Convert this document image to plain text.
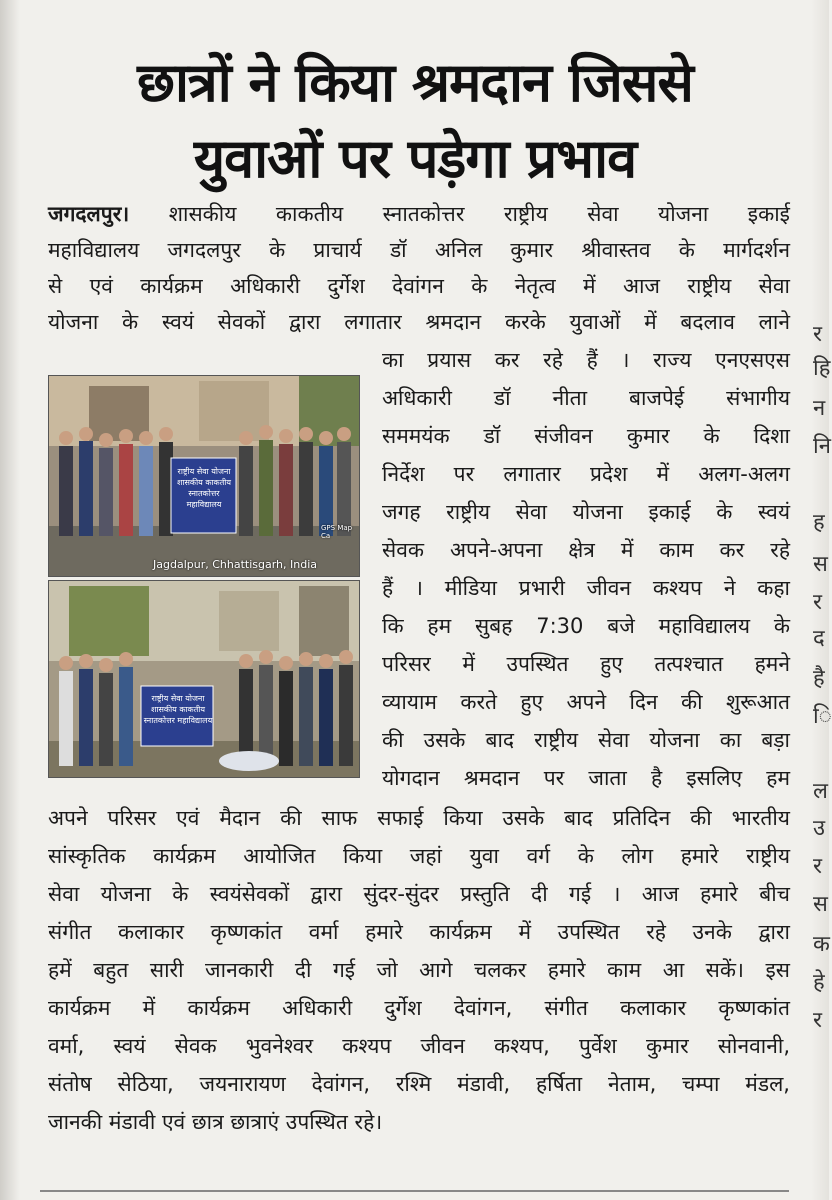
र
हि
न
नि
ह
स
र
द
है
ि
ल
उ
र
स
क
हे
र
छात्रों ने किया श्रमदान जिससे
युवाओं पर पड़ेगा प्रभाव
जगदलपुर। शासकीय काकतीय स्नातकोत्तर राष्ट्रीय सेवा योजना इकाई
महाविद्यालय जगदलपुर के प्राचार्य डॉ अनिल कुमार श्रीवास्तव के मार्गदर्शन
से एवं कार्यक्रम अधिकारी दुर्गेश देवांगन के नेतृत्व में आज राष्ट्रीय सेवा
योजना के स्वयं सेवकों द्वारा लगातार श्रमदान करके युवाओं में बदलाव लाने
का प्रयास कर रहे हैं । राज्य एनएसएस
अधिकारी डॉ नीता बाजपेई संभागीय
सममयंक डॉ संजीवन कुमार के दिशा
निर्देश पर लगातार प्रदेश में अलग-अलग
जगह राष्ट्रीय सेवा योजना इकाई के स्वयं
सेवक अपने-अपना क्षेत्र में काम कर रहे
हैं । मीडिया प्रभारी जीवन कश्यप ने कहा
कि हम सुबह 7:30 बजे महाविद्यालय के
परिसर में उपस्थित हुए तत्पश्चात हमने
व्यायाम करते हुए अपने दिन की शुरूआत
की उसके बाद राष्ट्रीय सेवा योजना का बड़ा
योगदान श्रमदान पर जाता है इसलिए हम
राष्ट्रीय सेवा योजना
शासकीय काकतीय
स्नातकोत्तर महाविद्यालय
Jagdalpur, Chhattisgarh, India
GPS Map Ca
राष्ट्रीय सेवा योजना
शासकीय काकतीय
स्नातकोत्तर महाविद्यालय
अपने परिसर एवं मैदान की साफ सफाई किया उसके बाद प्रतिदिन की भारतीय
सांस्कृतिक कार्यक्रम आयोजित किया जहां युवा वर्ग के लोग हमारे राष्ट्रीय
सेवा योजना के स्वयंसेवकों द्वारा सुंदर-सुंदर प्रस्तुति दी गई । आज हमारे बीच
संगीत कलाकार कृष्णकांत वर्मा हमारे कार्यक्रम में उपस्थित रहे उनके द्वारा
हमें बहुत सारी जानकारी दी गई जो आगे चलकर हमारे काम आ सकें। इस
कार्यक्रम में कार्यक्रम अधिकारी दुर्गेश देवांगन, संगीत कलाकार कृष्णकांत
वर्मा, स्वयं सेवक भुवनेश्वर कश्यप जीवन कश्यप, पुर्वेश कुमार सोनवानी,
संतोष सेठिया, जयनारायण देवांगन, रश्मि मंडावी, हर्षिता नेताम, चम्पा मंडल,
जानकी मंडावी एवं छात्र छात्राएं उपस्थित रहे।
